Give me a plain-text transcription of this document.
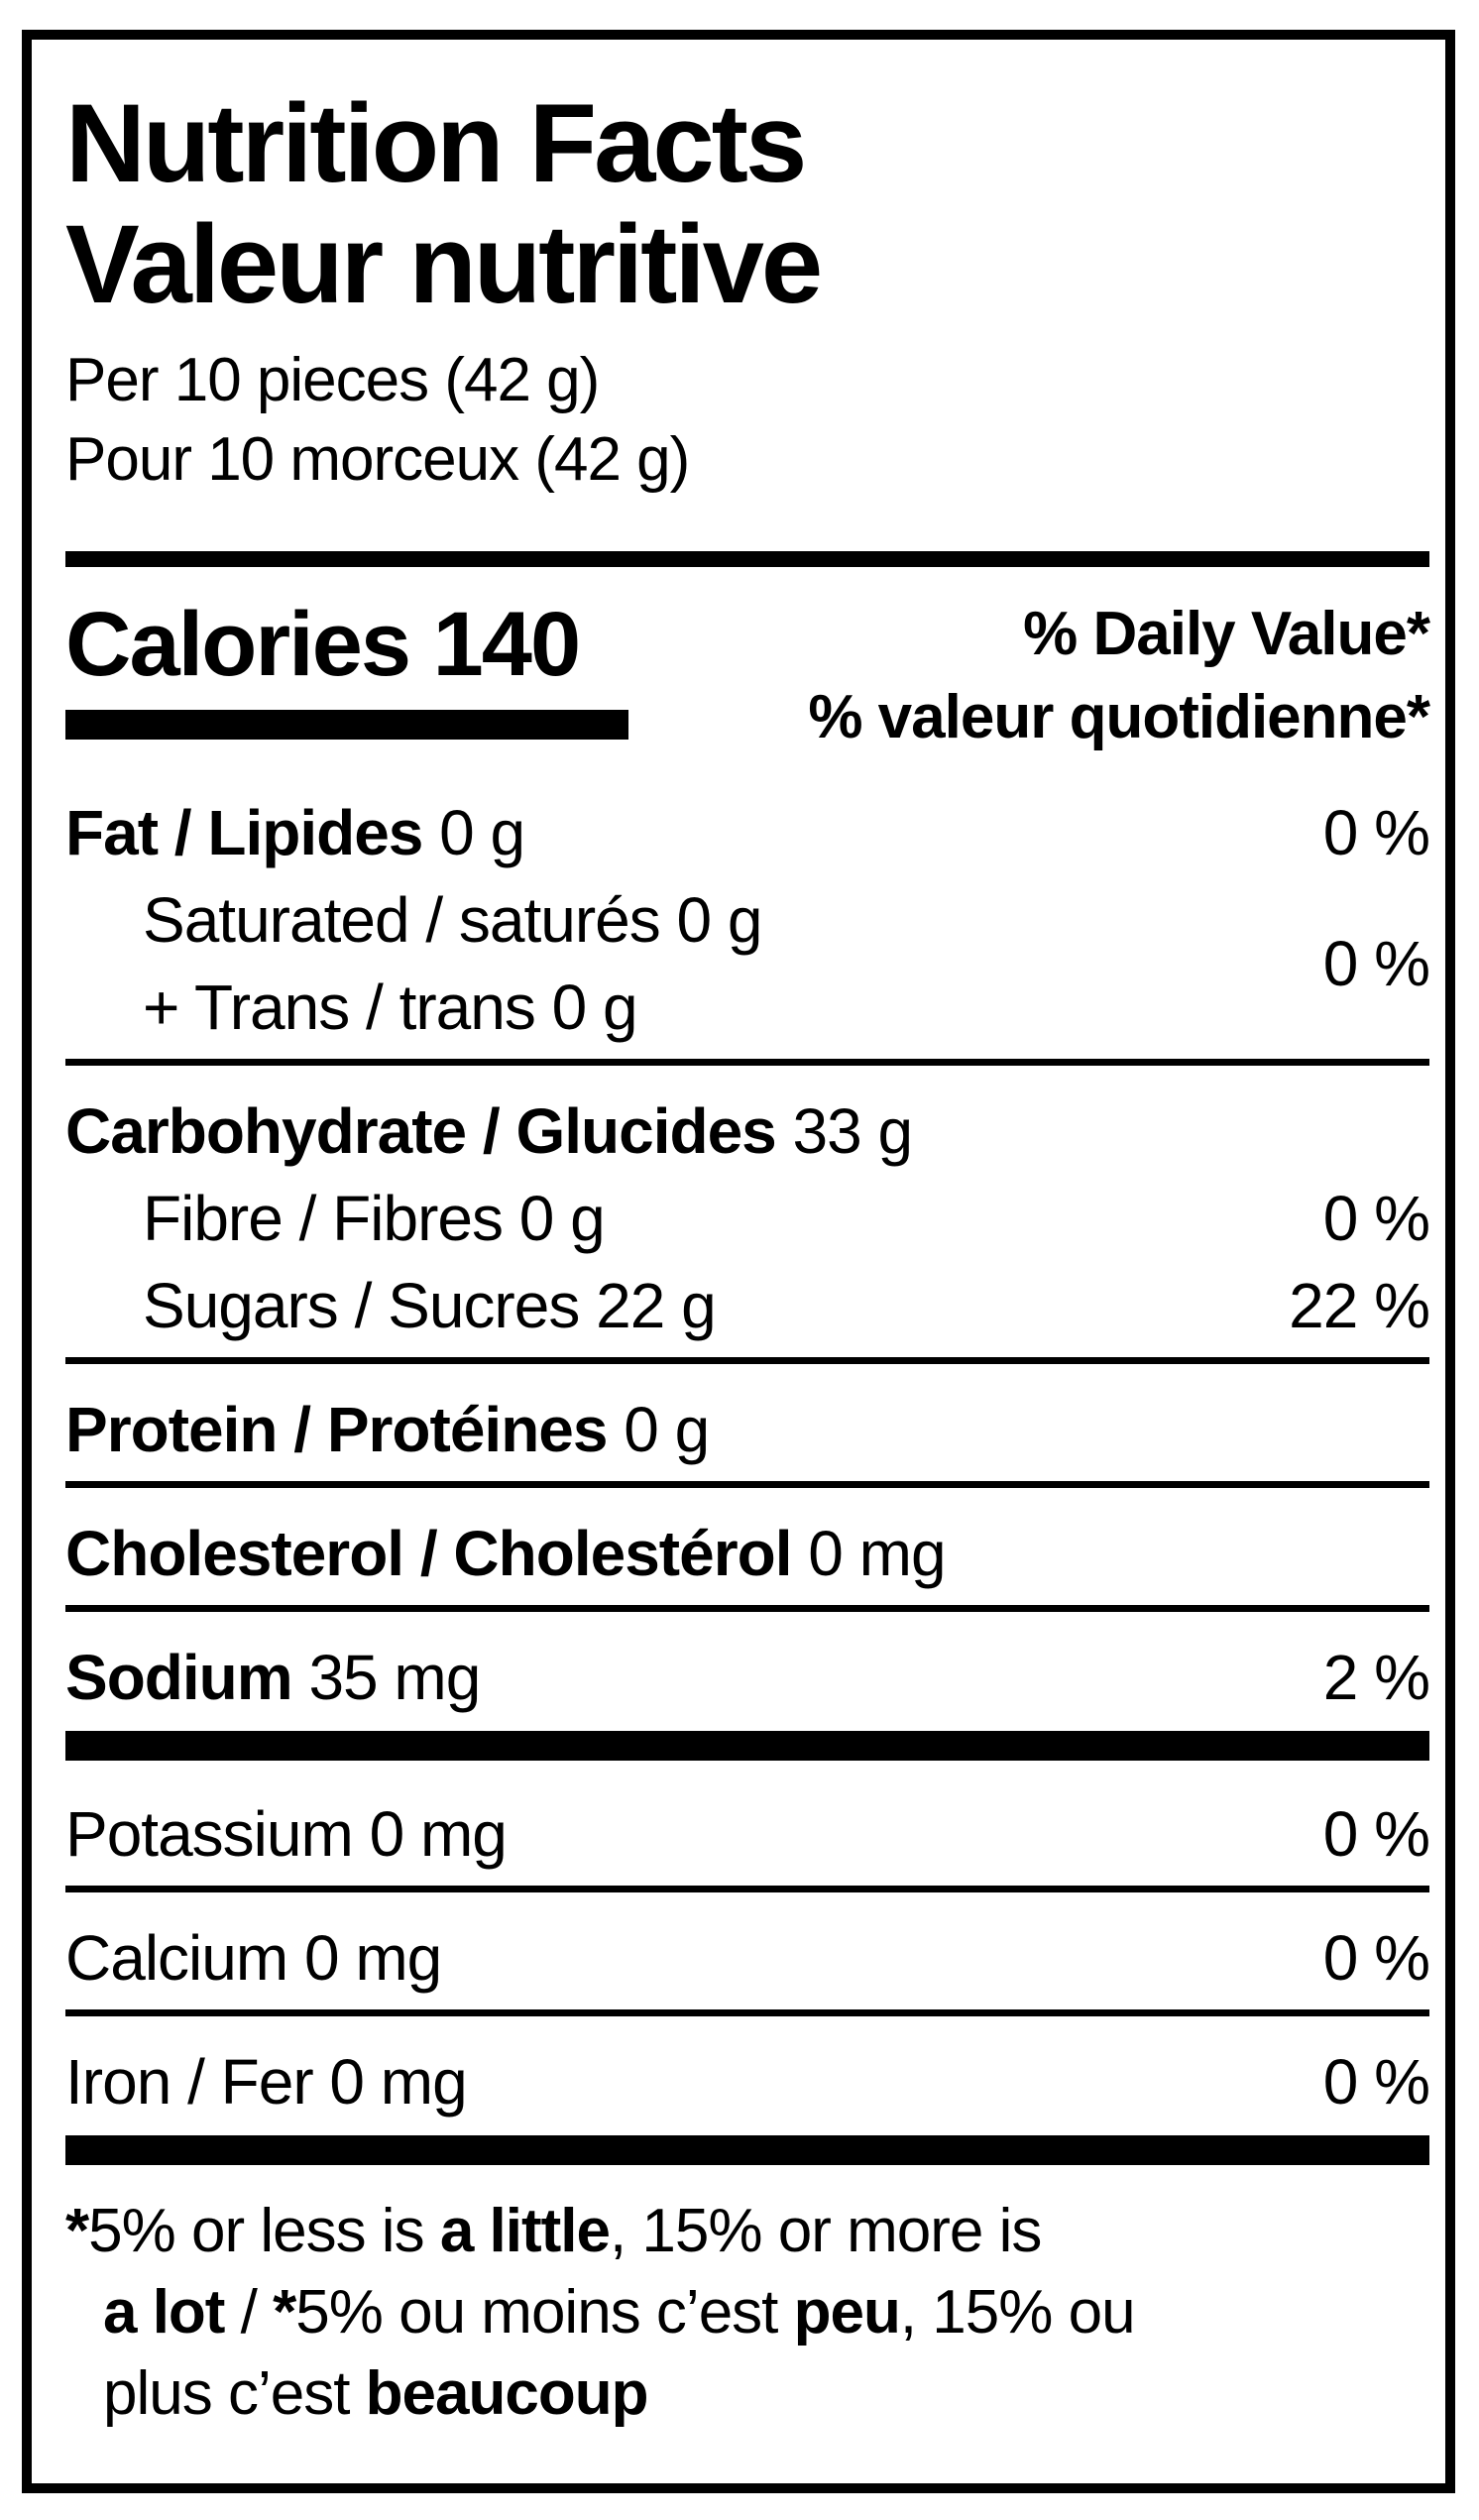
Nutrition Facts
Valeur nutritive
Per 10 pieces (42 g)
Pour 10 morceux (42 g)
Calories 140	% Daily Value*
% valeur quotidienne*
Fat / Lipides 0 g	0 %
Saturated / saturés 0 g
+ Trans / trans 0 g
0 %
Carbohydrate / Glucides 33 g
Fibre / Fibres 0 g	0 %
Sugars / Sucres 22 g	22 %
Protein / Protéines 0 g
Cholesterol / Cholestérol 0 mg
Sodium 35 mg	2 %
Potassium 0 mg	0 %
Calcium 0 mg	0 %
Iron / Fer 0 mg	0 %

*5% or less is a little, 15% or more is

a lot / *5% ou moins c’est peu, 15% ou

plus c’est beaucoup
